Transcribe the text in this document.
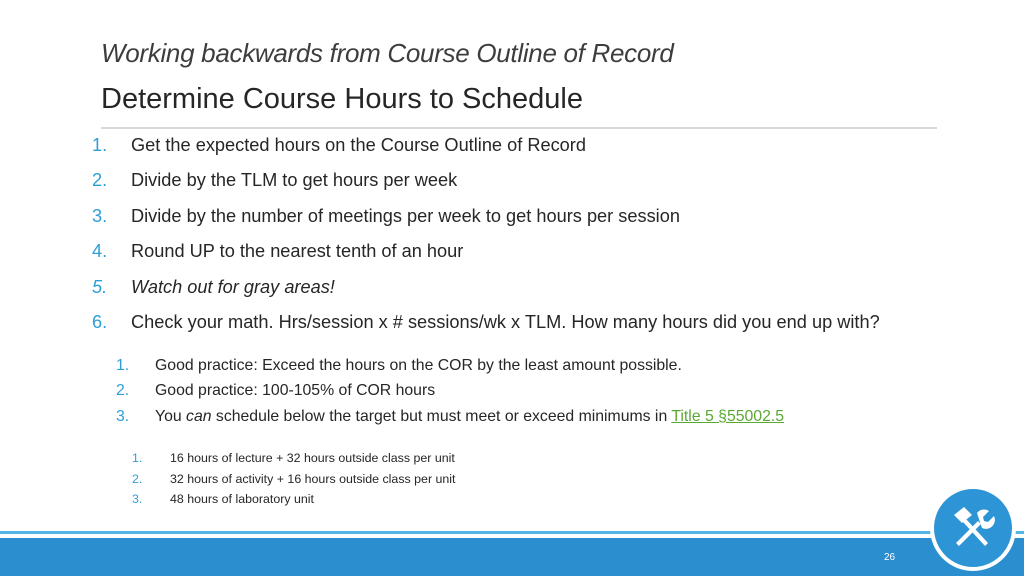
Working backwards from Course Outline of Record
Determine Course Hours to Schedule
1.	Get the expected hours on the Course Outline of Record
2.	Divide by the TLM to get hours per week
3.	Divide by the number of meetings per week to get hours per session
4.	Round UP to the nearest tenth of an hour
5.	Watch out for gray areas!
6.	Check your math. Hrs/session x # sessions/wk x TLM. How many hours did you end up with?
1.	Good practice: Exceed the hours on the COR by the least amount possible.
2.	Good practice: 100-105% of COR hours
3.	You can schedule below the target but must meet or exceed minimums in Title 5 §55002.5
1.	16 hours of lecture + 32 hours outside class per unit
2.	32 hours of activity + 16 hours outside class per unit
3.	48 hours of laboratory unit
26
